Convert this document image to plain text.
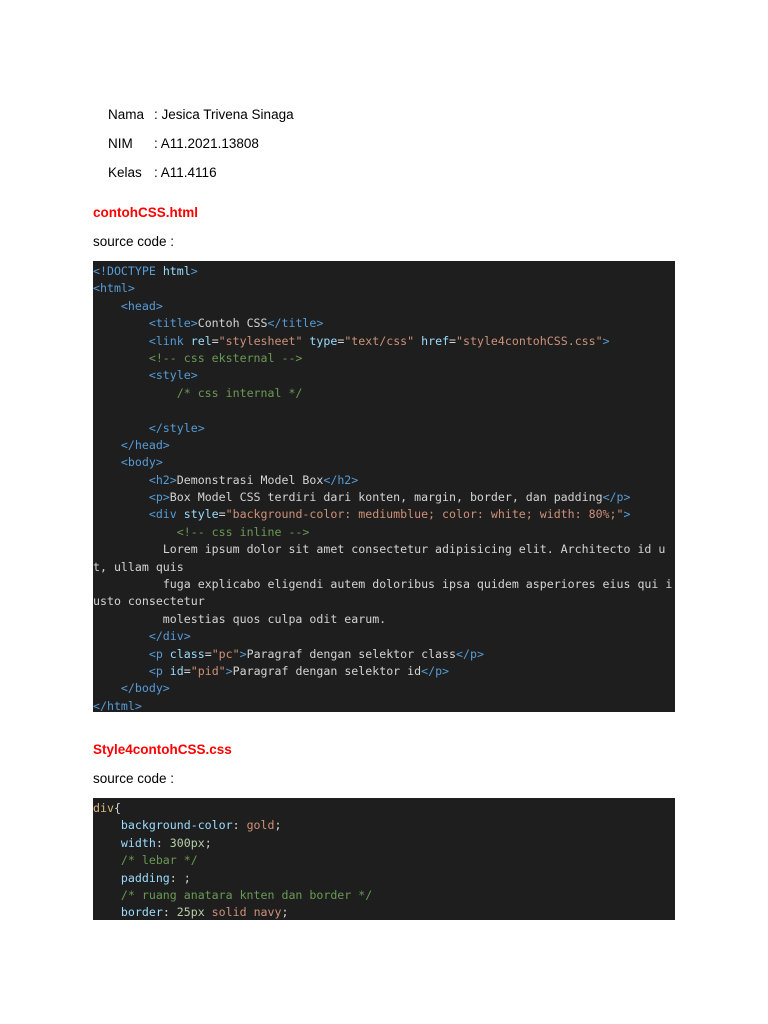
Nama : Jesica Trivena Sinaga

NIM : A11.2021.13808

Kelas : A11.4116

contohCSS.html
source code :
<!DOCTYPE html>
<html>
<head>
<title>Contoh CSS</title>
<link rel="stylesheet" type="text/css" href="style4contohCSS.css">
<!-- css eksternal -->
<style>
/* css internal */

</style>
</head>
<body>
<h2>Demonstrasi Model Box</h2>
<p>Box Model CSS terdiri dari konten, margin, border, dan padding</p>
<div style="background-color: mediumblue; color: white; width: 80%;">
<!-- css inline -->
Lorem ipsum dolor sit amet consectetur adipisicing elit. Architecto id ut, ullam quis
fuga explicabo eligendi autem doloribus ipsa quidem asperiores eius qui iusto consectetur
molestias quos culpa odit earum.
</div>
<p class="pc">Paragraf dengan selektor class</p>
<p id="pid">Paragraf dengan selektor id</p>
</body>
</html>
Style4contohCSS.css
source code :
div{
background-color: gold;
width: 300px;
/* lebar */
padding: ;
/* ruang anatara knten dan border */
border: 25px solid navy;
